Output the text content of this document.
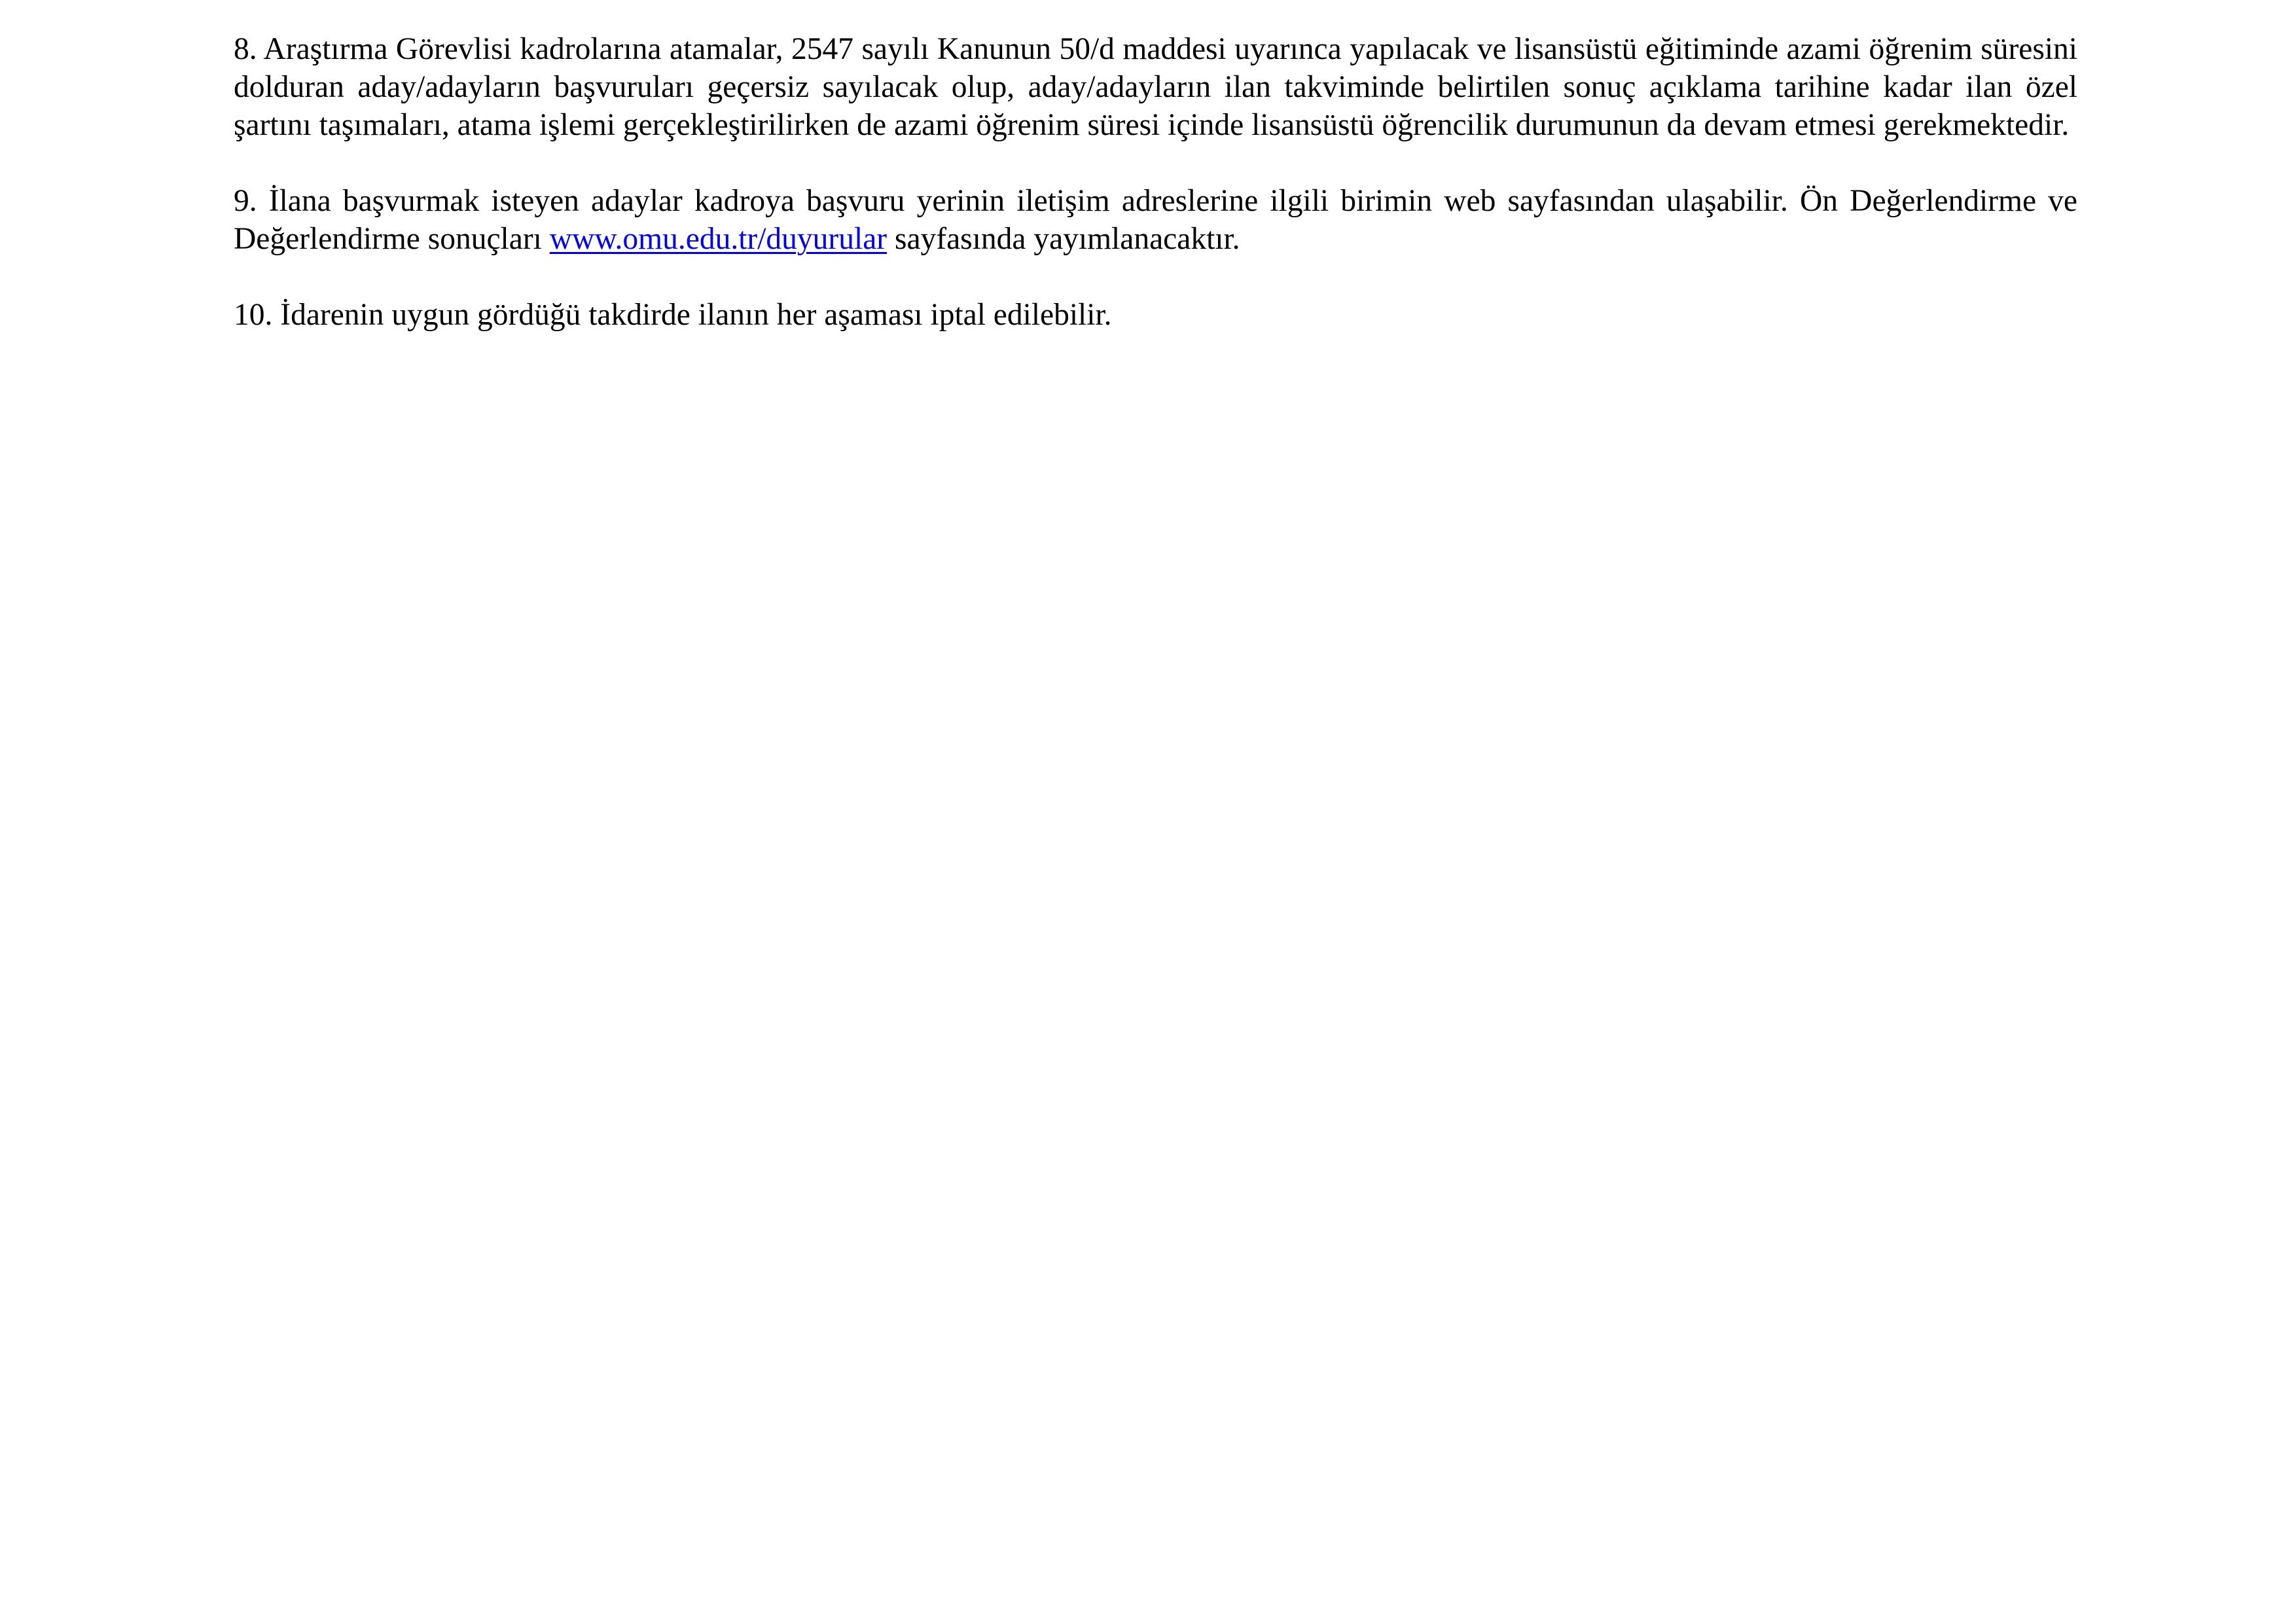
8. Araştırma Görevlisi kadrolarına atamalar, 2547 sayılı Kanunun 50/d maddesi uyarınca yapılacak ve lisansüstü eğitiminde azami öğrenim süresini dolduran aday/adayların başvuruları geçersiz sayılacak olup, aday/adayların ilan takviminde belirtilen sonuç açıklama tarihine kadar ilan özel şartını taşımaları, atama işlemi gerçekleştirilirken de azami öğrenim süresi içinde lisansüstü öğrencilik durumunun da devam etmesi gerekmektedir.

9. İlana başvurmak isteyen adaylar kadroya başvuru yerinin iletişim adreslerine ilgili birimin web sayfasından ulaşabilir. Ön Değerlendirme ve Değerlendirme sonuçları www.omu.edu.tr/duyurular sayfasında yayımlanacaktır.

10. İdarenin uygun gördüğü takdirde ilanın her aşaması iptal edilebilir.
